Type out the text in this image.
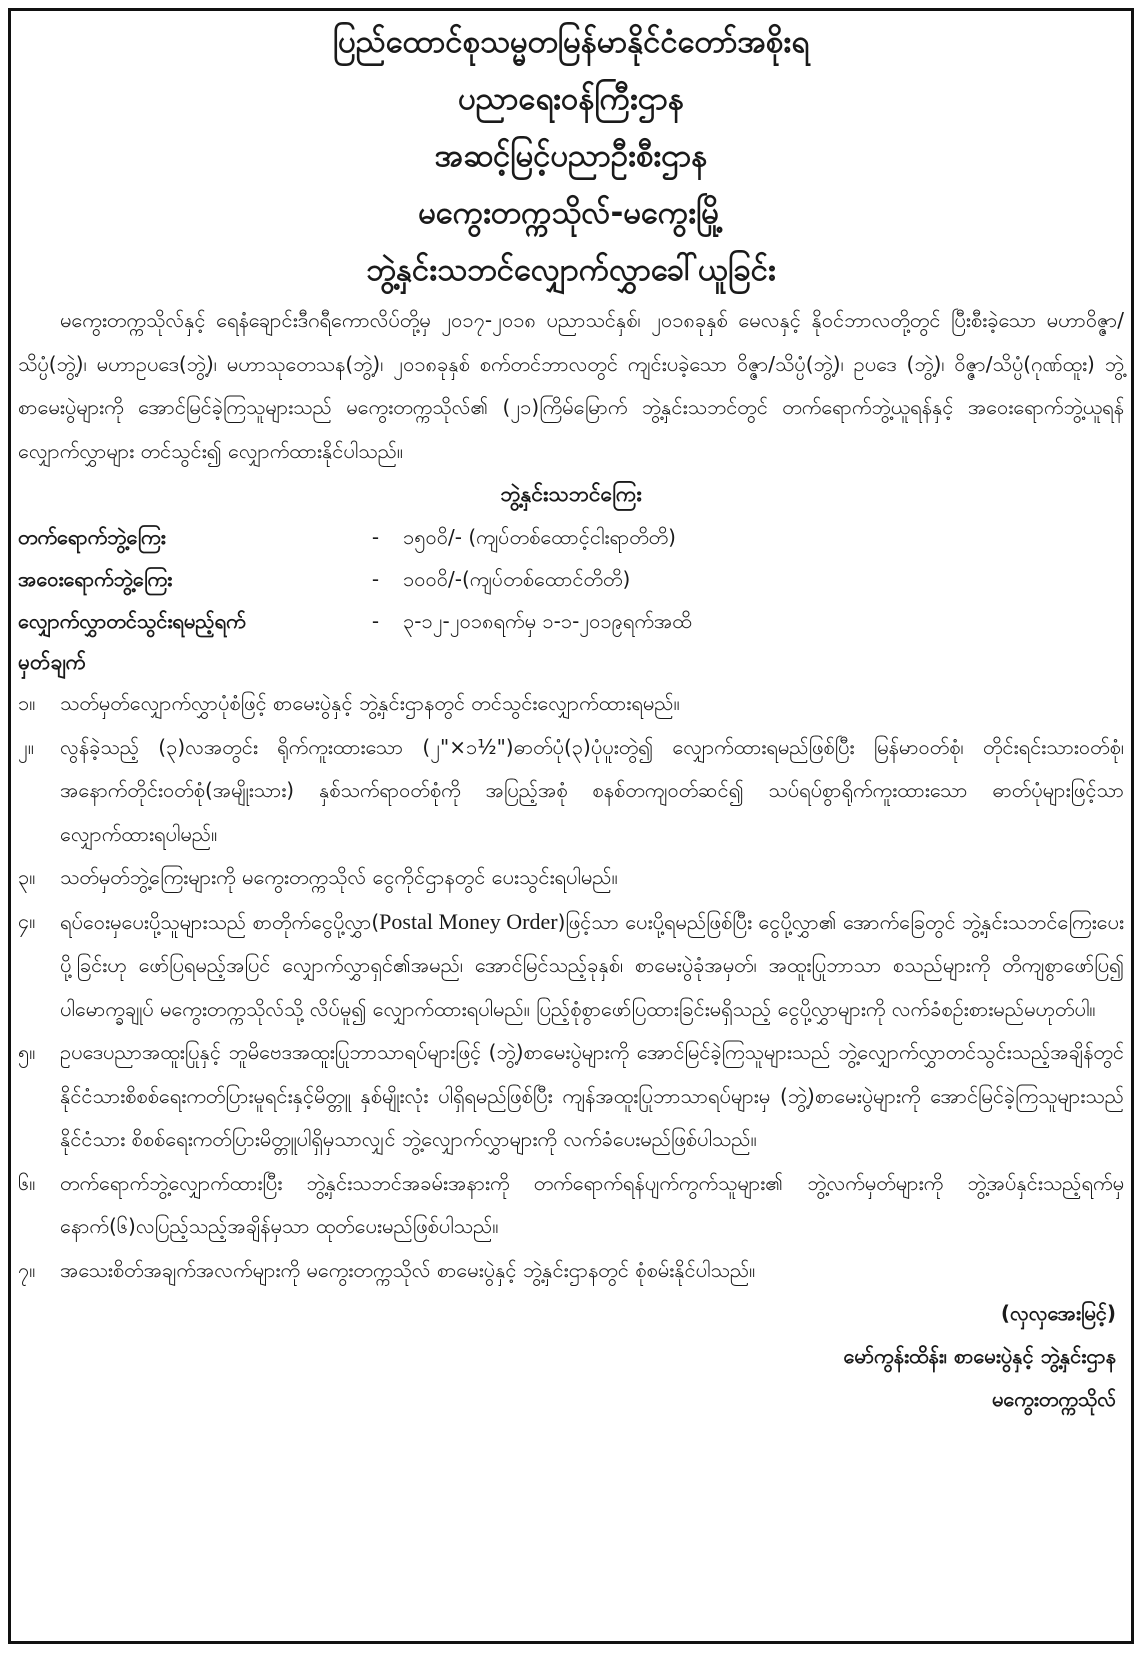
ပြည်ထောင်စုသမ္မတမြန်မာနိုင်ငံတော်အစိုးရ
ပညာရေးဝန်ကြီးဌာန
အဆင့်မြင့်ပညာဦးစီးဌာန
မကွေးတက္ကသိုလ်-မကွေးမြို့
ဘွဲ့နှင်းသဘင်လျှောက်လွှာခေါ်ယူခြင်း

မကွေးတက္ကသိုလ်နှင့် ရေနံချောင်းဒီဂရီကောလိပ်တို့မှ ၂၀၁၇-၂၀၁၈ ပညာသင်နှစ်၊ ၂၀၁၈ခုနှစ် မေလနှင့် နိုဝင်ဘာလတို့တွင် ပြီးစီးခဲ့သော မဟာဝိဇ္ဇာ/သိပ္ပံ(ဘွဲ့)၊ မဟာဥပဒေ(ဘွဲ့)၊ မဟာသုတေသန(ဘွဲ့)၊ ၂၀၁၈ခုနှစ် စက်တင်ဘာလတွင် ကျင်းပခဲ့သော ဝိဇ္ဇာ/သိပ္ပံ(ဘွဲ့)၊ ဥပဒေ (ဘွဲ့)၊ ဝိဇ္ဇာ/သိပ္ပံ(ဂုဏ်ထူး) ဘွဲ့စာမေးပွဲများကို အောင်မြင်ခဲ့ကြသူများသည် မကွေးတက္ကသိုလ်၏ (၂၁)ကြိမ်မြောက် ဘွဲ့နှင်းသဘင်တွင် တက်ရောက်ဘွဲ့ယူရန်နှင့် အဝေးရောက်ဘွဲ့ယူရန် လျှောက်လွှာများ တင်သွင်း၍ လျှောက်ထားနိုင်ပါသည်။

ဘွဲ့နှင်းသဘင်ကြေး
တက်ရောက်ဘွဲ့ကြေး	-	၁၅၀၀ိ/- (ကျပ်တစ်ထောင့်ငါးရာတိတိ)
အဝေးရောက်ဘွဲ့ကြေး	-	၁၀၀၀ိ/-(ကျပ်တစ်ထောင်တိတိ)
လျှောက်လွှာတင်သွင်းရမည့်ရက်	-	၃-၁၂-၂၀၁၈ရက်မှ ၁-၁-၂၀၁၉ရက်အထိ
မှတ်ချက်
၁။	သတ်မှတ်လျှောက်လွှာပုံစံဖြင့် စာမေးပွဲနှင့် ဘွဲ့နှင်းဌာနတွင် တင်သွင်းလျှောက်ထားရမည်။
၂။	လွန်ခဲ့သည့် (၃)လအတွင်း ရိုက်ကူးထားသော (၂"×၁½")ဓာတ်ပုံ(၃)ပုံပူးတွဲ၍ လျှောက်ထားရမည်ဖြစ်ပြီး မြန်မာဝတ်စုံ၊ တိုင်းရင်းသားဝတ်စုံ၊ အနောက်တိုင်းဝတ်စုံ(အမျိုးသား) နှစ်သက်ရာဝတ်စုံကို အပြည့်အစုံ စနစ်တကျဝတ်ဆင်၍ သပ်ရပ်စွာရိုက်ကူးထားသော ဓာတ်ပုံများဖြင့်သာ လျှောက်ထားရပါမည်။
၃။	သတ်မှတ်ဘွဲ့ကြေးများကို မကွေးတက္ကသိုလ် ငွေကိုင်ဌာနတွင် ပေးသွင်းရပါမည်။
၄။	ရပ်ဝေးမှပေးပို့သူများသည် စာတိုက်ငွေပို့လွှာ(Postal Money Order)ဖြင့်သာ ပေးပို့ရမည်ဖြစ်ပြီး ငွေပို့လွှာ၏ အောက်ခြေတွင် ဘွဲ့နှင်းသဘင်ကြေးပေးပို့ခြင်းဟု ဖော်ပြရမည့်အပြင် လျှောက်လွှာရှင်၏အမည်၊ အောင်မြင်သည့်ခုနှစ်၊ စာမေးပွဲခုံအမှတ်၊ အထူးပြုဘာသာ စသည်များကို တိကျစွာဖော်ပြ၍ ပါမောက္ခချုပ် မကွေးတက္ကသိုလ်သို့ လိပ်မူ၍ လျှောက်ထားရပါမည်။ ပြည့်စုံစွာဖော်ပြထားခြင်းမရှိသည့် ငွေပို့လွှာများကို လက်ခံစဉ်းစားမည်မဟုတ်ပါ။
၅။	ဥပဒေပညာအထူးပြုနှင့် ဘူမိဗေဒအထူးပြုဘာသာရပ်များဖြင့် (ဘွဲ့)စာမေးပွဲများကို အောင်မြင်ခဲ့ကြသူများသည် ဘွဲ့လျှောက်လွှာတင်သွင်းသည့်အချိန်တွင် နိုင်ငံသားစိစစ်ရေးကတ်ပြားမူရင်းနှင့်မိတ္တူ နှစ်မျိုးလုံး ပါရှိရမည်ဖြစ်ပြီး ကျန်အထူးပြုဘာသာရပ်များမှ (ဘွဲ့)စာမေးပွဲများကို အောင်မြင်ခဲ့ကြသူများသည် နိုင်ငံသား စိစစ်ရေးကတ်ပြားမိတ္တူပါရှိမှသာလျှင် ဘွဲ့လျှောက်လွှာများကို လက်ခံပေးမည်ဖြစ်ပါသည်။
၆။	တက်ရောက်ဘွဲ့လျှောက်ထားပြီး ဘွဲ့နှင်းသဘင်အခမ်းအနားကို တက်ရောက်ရန်ပျက်ကွက်သူများ၏ ဘွဲ့လက်မှတ်များကို ဘွဲ့အပ်နှင်းသည့်ရက်မှ နောက်(၆)လပြည့်သည့်အချိန်မှသာ ထုတ်ပေးမည်ဖြစ်ပါသည်။
၇။	အသေးစိတ်အချက်အလက်များကို မကွေးတက္ကသိုလ် စာမေးပွဲနှင့် ဘွဲ့နှင်းဌာနတွင် စုံစမ်းနိုင်ပါသည်။
(လှလှအေးမြင့်)
မော်ကွန်းထိန်း၊ စာမေးပွဲနှင့် ဘွဲ့နှင်းဌာန
မကွေးတက္ကသိုလ်
